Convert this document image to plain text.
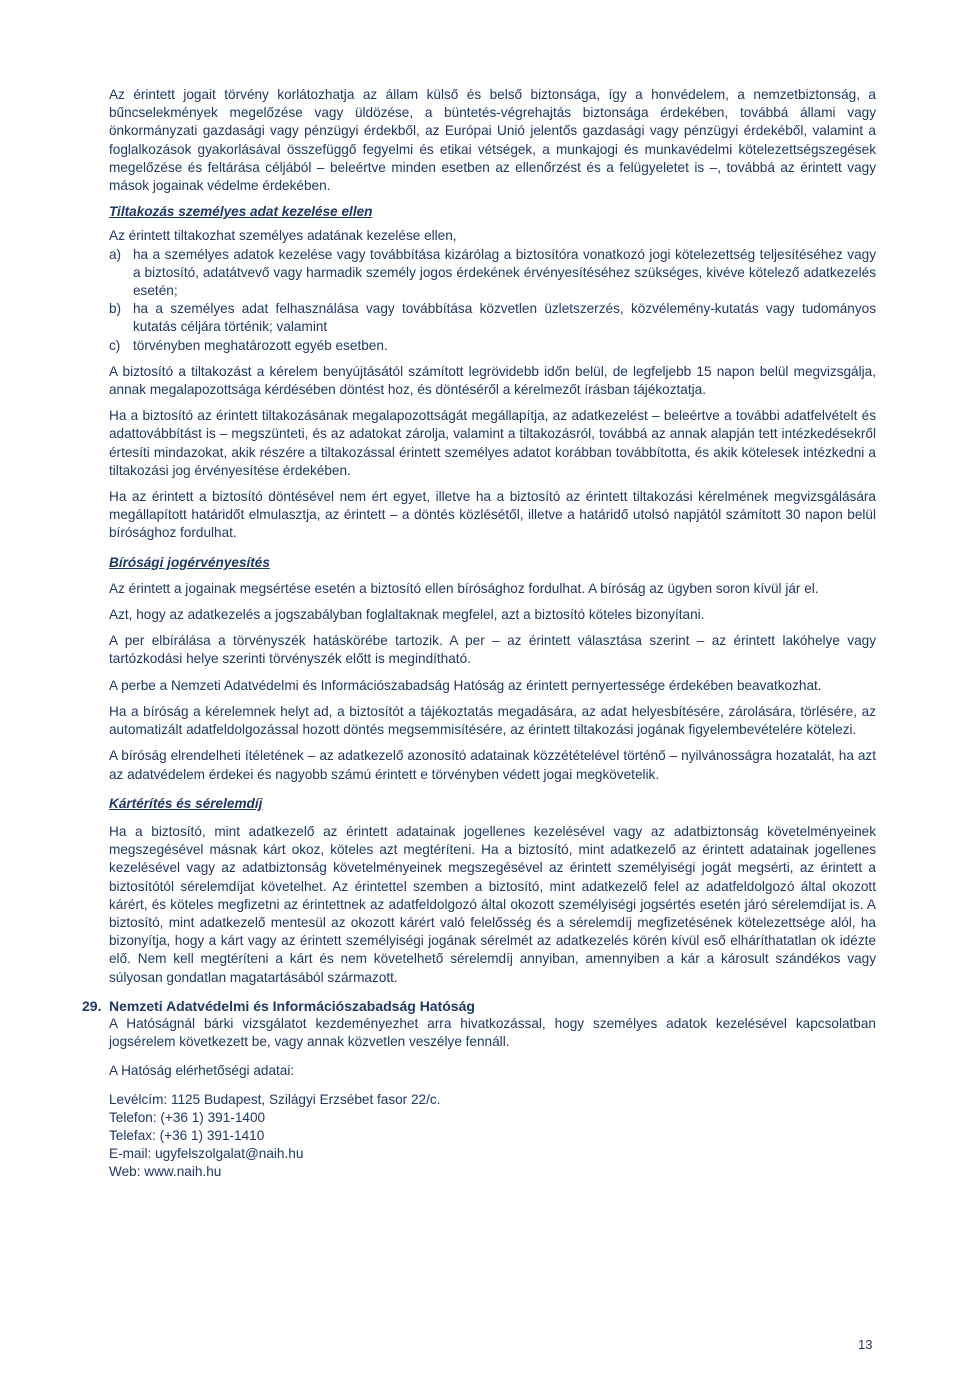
Az érintett jogait törvény korlátozhatja az állam külső és belső biztonsága, így a honvédelem, a nemzetbiztonság, a bűncselekmények megelőzése vagy üldözése, a büntetés-végrehajtás biztonsága érdekében, továbbá állami vagy önkormányzati gazdasági vagy pénzügyi érdekből, az Európai Unió jelentős gazdasági vagy pénzügyi érdekéből, valamint a foglalkozások gyakorlásával összefüggő fegyelmi és etikai vétségek, a munkajogi és munkavédelmi kötelezettségszegések megelőzése és feltárása céljából – beleértve minden esetben az ellenőrzést és a felügyeletet is –, továbbá az érintett vagy mások jogainak védelme érdekében.

Tiltakozás személyes adat kezelése ellen

Az érintett tiltakozhat személyes adatának kezelése ellen,

a) ha a személyes adatok kezelése vagy továbbítása kizárólag a biztosítóra vonatkozó jogi kötelezettség teljesítéséhez vagy a biztosító, adatátvevő vagy harmadik személy jogos érdekének érvényesítéséhez szükséges, kivéve kötelező adatkezelés esetén;
b) ha a személyes adat felhasználása vagy továbbítása közvetlen üzletszerzés, közvélemény-kutatás vagy tudományos kutatás céljára történik; valamint
c) törvényben meghatározott egyéb esetben.

A biztosító a tiltakozást a kérelem benyújtásától számított legrövidebb időn belül, de legfeljebb 15 napon belül megvizsgálja, annak megalapozottsága kérdésében döntést hoz, és döntéséről a kérelmezőt írásban tájékoztatja.

Ha a biztosító az érintett tiltakozásának megalapozottságát megállapítja, az adatkezelést – beleértve a további adatfelvételt és adattovábbítást is – megszünteti, és az adatokat zárolja, valamint a tiltakozásról, továbbá az annak alapján tett intézkedésekről értesíti mindazokat, akik részére a tiltakozással érintett személyes adatot korábban továbbította, és akik kötelesek intézkedni a tiltakozási jog érvényesítése érdekében.

Ha az érintett a biztosító döntésével nem ért egyet, illetve ha a biztosító az érintett tiltakozási kérelmének megvizsgálására megállapított határidőt elmulasztja, az érintett – a döntés közlésétől, illetve a határidő utolsó napjától számított 30 napon belül bírósághoz fordulhat.

Bírósági jogérvényesítés

Az érintett a jogainak megsértése esetén a biztosító ellen bírósághoz fordulhat. A bíróság az ügyben soron kívül jár el.

Azt, hogy az adatkezelés a jogszabályban foglaltaknak megfelel, azt a biztosító köteles bizonyítani.

A per elbírálása a törvényszék hatáskörébe tartozik. A per – az érintett választása szerint – az érintett lakóhelye vagy tartózkodási helye szerinti törvényszék előtt is megindítható.

A perbe a Nemzeti Adatvédelmi és Információszabadság Hatóság az érintett pernyertessége érdekében beavatkozhat.

Ha a bíróság a kérelemnek helyt ad, a biztosítót a tájékoztatás megadására, az adat helyesbítésére, zárolására, törlésére, az automatizált adatfeldolgozással hozott döntés megsemmisítésére, az érintett tiltakozási jogának figyelembevételére kötelezi.

A bíróság elrendelheti ítéletének – az adatkezelő azonosító adatainak közzétételével történő – nyilvánosságra hozatalát, ha azt az adatvédelem érdekei és nagyobb számú érintett e törvényben védett jogai megkövetelik.

Kártérítés és sérelemdíj

Ha a biztosító, mint adatkezelő az érintett adatainak jogellenes kezelésével vagy az adatbiztonság követelményeinek megszegésével másnak kárt okoz, köteles azt megtéríteni. Ha a biztosító, mint adatkezelő az érintett adatainak jogellenes kezelésével vagy az adatbiztonság követelményeinek megszegésével az érintett személyiségi jogát megsérti, az érintett a biztosítótól sérelemdíjat követelhet. Az érintettel szemben a biztosító, mint adatkezelő felel az adatfeldolgozó által okozott kárért, és köteles megfizetni az érintettnek az adatfeldolgozó által okozott személyiségi jogsértés esetén járó sérelemdíjat is. A biztosító, mint adatkezelő mentesül az okozott kárért való felelősség és a sérelemdíj megfizetésének kötelezettsége alól, ha bizonyítja, hogy a kárt vagy az érintett személyiségi jogának sérelmét az adatkezelés körén kívül eső elháríthatatlan ok idézte elő. Nem kell megtéríteni a kárt és nem követelhető sérelemdíj annyiban, amennyiben a kár a károsult szándékos vagy súlyosan gondatlan magatartásából származott.

29. Nemzeti Adatvédelmi és Információszabadság Hatóság

A Hatóságnál bárki vizsgálatot kezdeményezhet arra hivatkozással, hogy személyes adatok kezelésével kapcsolatban jogsérelem következett be, vagy annak közvetlen veszélye fennáll.

A Hatóság elérhetőségi adatai:

Levélcím: 1125 Budapest, Szilágyi Erzsébet fasor 22/c.

Telefon: (+36 1) 391-1400

Telefax: (+36 1) 391-1410

E-mail: ugyfelszolgalat@naih.hu

Web: www.naih.hu

13
